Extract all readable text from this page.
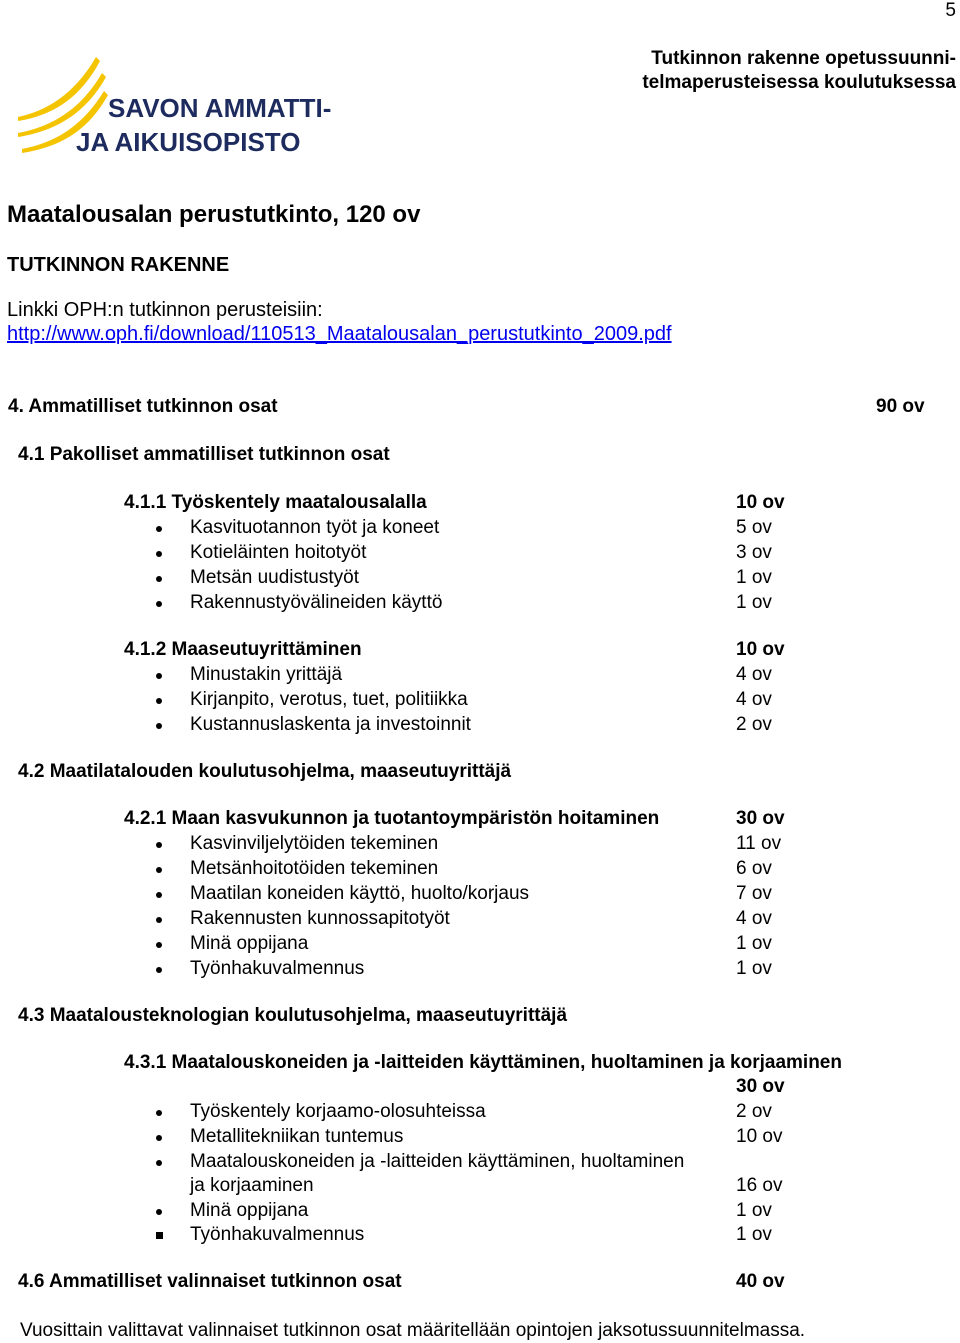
5
Tutkinnon rakenne opetussuunni-
telmaperusteisessa koulutuksessa
SAVON AMMATTI-
JA AIKUISOPISTO
Maatalousalan perustutkinto, 120 ov
TUTKINNON RAKENNE
Linkki OPH:n tutkinnon perusteisiin:
http://www.oph.fi/download/110513_Maatalousalan_perustutkinto_2009.pdf
4. Ammatilliset tutkinnon osat	90 ov
4.1 Pakolliset ammatilliset tutkinnon osat
4.1.1 Työskentely maatalousalalla	10 ov
Kasvituotannon työt ja koneet	5 ov
Kotieläinten hoitotyöt	3 ov
Metsän uudistustyöt	1 ov
Rakennustyövälineiden käyttö	1 ov
4.1.2 Maaseutuyrittäminen	10 ov
Minustakin yrittäjä	4 ov
Kirjanpito, verotus, tuet, politiikka	4 ov
Kustannuslaskenta ja investoinnit	2 ov
4.2 Maatilatalouden koulutusohjelma, maaseutuyrittäjä
4.2.1 Maan kasvukunnon ja tuotantoympäristön hoitaminen	30 ov
Kasvinviljelytöiden tekeminen	11 ov
Metsänhoitotöiden tekeminen	6 ov
Maatilan koneiden käyttö, huolto/korjaus	7 ov
Rakennusten kunnossapitotyöt	4 ov
Minä oppijana	1 ov
Työnhakuvalmennus	1 ov
4.3 Maatalousteknologian koulutusohjelma, maaseutuyrittäjä
4.3.1 Maatalouskoneiden ja -laitteiden käyttäminen, huoltaminen ja korjaaminen
30 ov
Työskentely korjaamo-olosuhteissa	2 ov
Metallitekniikan tuntemus	10 ov
Maatalouskoneiden ja -laitteiden käyttäminen, huoltaminen
ja korjaaminen	16 ov
Minä oppijana	1 ov
Työnhakuvalmennus	1 ov
4.6 Ammatilliset valinnaiset tutkinnon osat	40 ov
Vuosittain valittavat valinnaiset tutkinnon osat määritellään opintojen jaksotussuunnitelmassa.
